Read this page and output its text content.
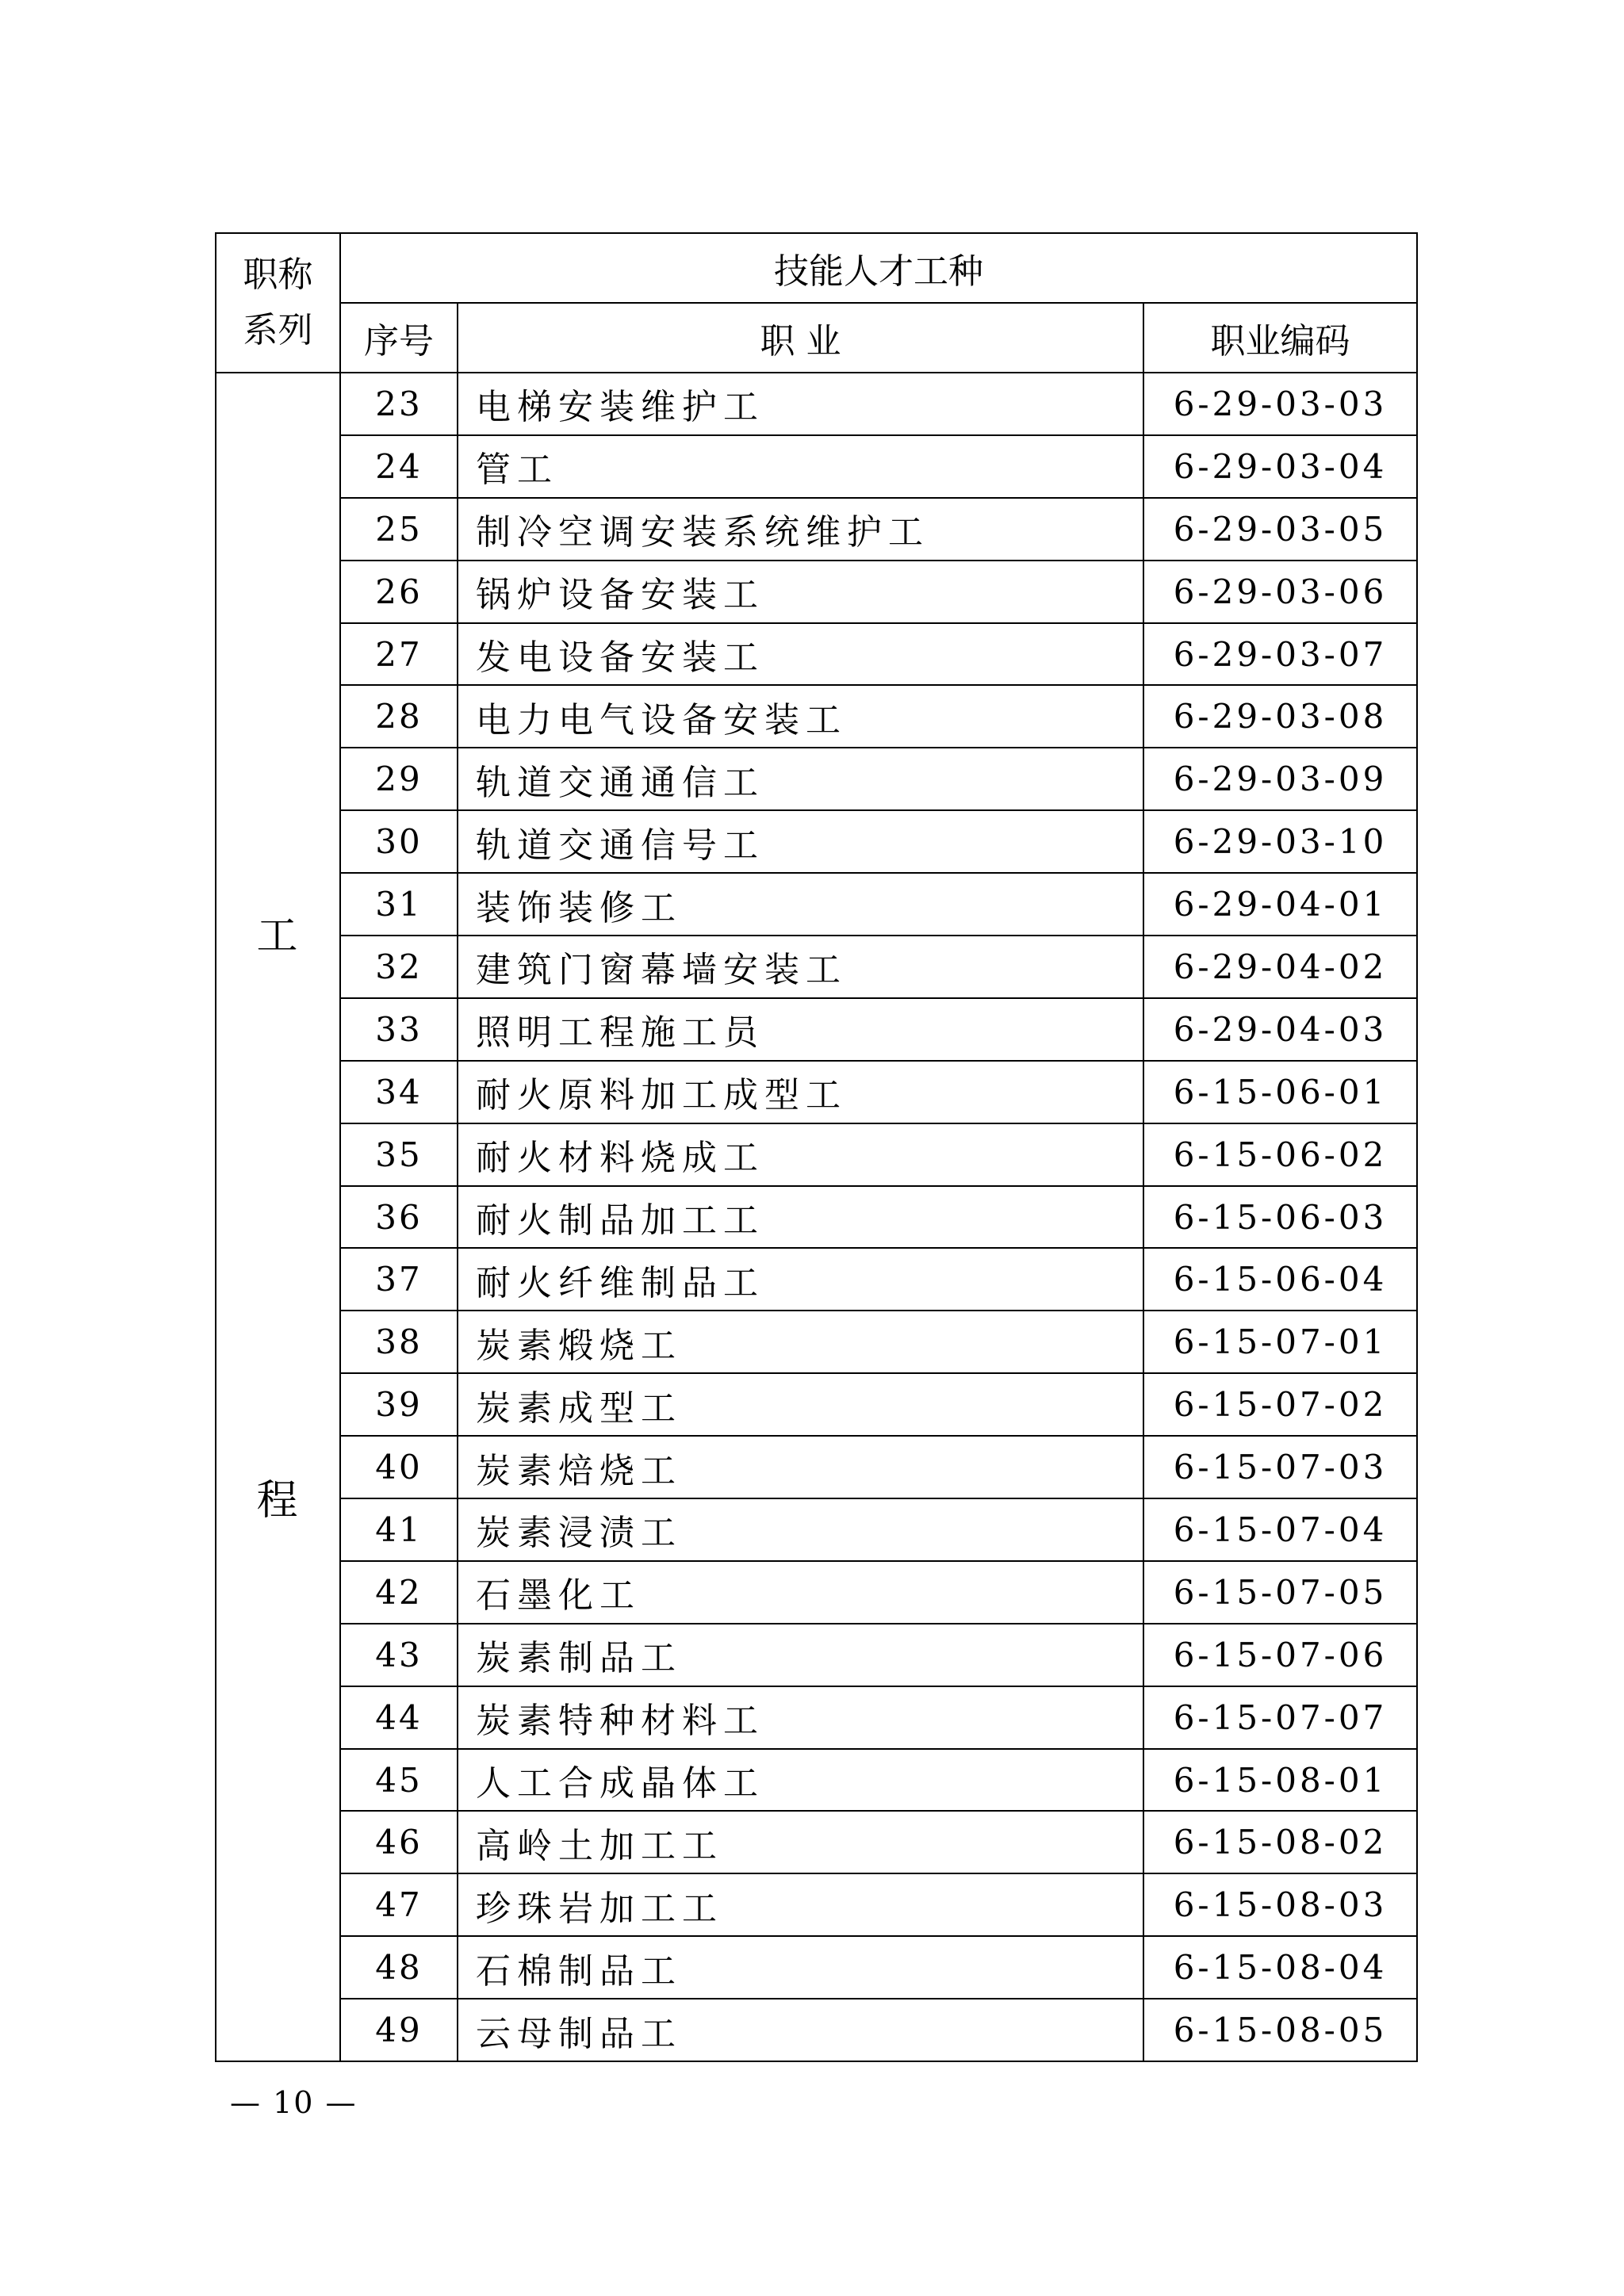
职称
系列	技能人才工种		
	序号	职 业	职业编码
	23	电梯安装维护工	6-29-03-03
	24	管工	6-29-03-04
	25	制冷空调安装系统维护工	6-29-03-05
	26	锅炉设备安装工	6-29-03-06
	27	发电设备安装工	6-29-03-07
	28	电力电气设备安装工	6-29-03-08
	29	轨道交通通信工	6-29-03-09
	30	轨道交通信号工	6-29-03-10
	31	装饰装修工	6-29-04-01
	32	建筑门窗幕墙安装工	6-29-04-02
	33	照明工程施工员	6-29-04-03
	34	耐火原料加工成型工	6-15-06-01
	35	耐火材料烧成工	6-15-06-02
	36	耐火制品加工工	6-15-06-03
	37	耐火纤维制品工	6-15-06-04
	38	炭素煅烧工	6-15-07-01
	39	炭素成型工	6-15-07-02
	40	炭素焙烧工	6-15-07-03
	41	炭素浸渍工	6-15-07-04
	42	石墨化工	6-15-07-05
	43	炭素制品工	6-15-07-06
	44	炭素特种材料工	6-15-07-07
	45	人工合成晶体工	6-15-08-01
	46	高岭土加工工	6-15-08-02
	47	珍珠岩加工工	6-15-08-03
	48	石棉制品工	6-15-08-04
	49	云母制品工	6-15-08-05
工
程
— 10 —
